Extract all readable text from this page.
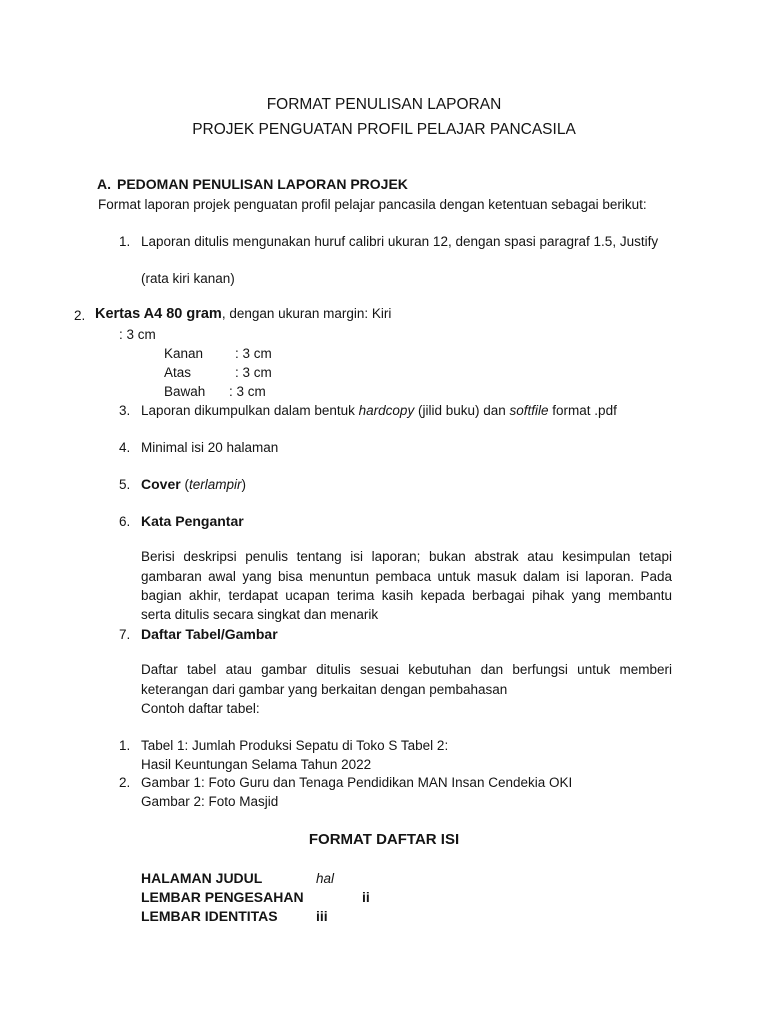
FORMAT PENULISAN LAPORAN
PROJEK PENGUATAN PROFIL PELAJAR PANCASILA
A. PEDOMAN PENULISAN LAPORAN PROJEK
Format laporan projek penguatan profil pelajar pancasila dengan ketentuan sebagai berikut:
1. Laporan ditulis mengunakan huruf calibri ukuran 12, dengan spasi paragraf 1.5, Justify
(rata kiri kanan)
2. Kertas A4 80 gram, dengan ukuran margin: Kiri
: 3 cm
Kanan : 3 cm
Atas	: 3 cm
Bawah : 3 cm
3. Laporan dikumpulkan dalam bentuk hardcopy (jilid buku) dan softfile format .pdf
4. Minimal isi 20 halaman
5. Cover (terlampir)
6. Kata Pengantar
Berisi deskripsi penulis tentang isi laporan; bukan abstrak atau kesimpulan tetapi
gambaran awal yang bisa menuntun pembaca untuk masuk dalam isi laporan. Pada
bagian akhir, terdapat ucapan terima kasih kepada berbagai pihak yang membantu
serta ditulis secara singkat dan menarik
7. Daftar Tabel/Gambar
Daftar tabel atau gambar ditulis sesuai kebutuhan dan berfungsi untuk memberi
keterangan dari gambar yang berkaitan dengan pembahasan
Contoh daftar tabel:
1. Tabel 1: Jumlah Produksi Sepatu di Toko S Tabel 2:
Hasil Keuntungan Selama Tahun 2022
2. Gambar 1: Foto Guru dan Tenaga Pendidikan MAN Insan Cendekia OKI
Gambar 2: Foto Masjid
FORMAT DAFTAR ISI
HALAMAN JUDUL	hal
LEMBAR PENGESAHAN	ii
LEMBAR IDENTITAS	iii
